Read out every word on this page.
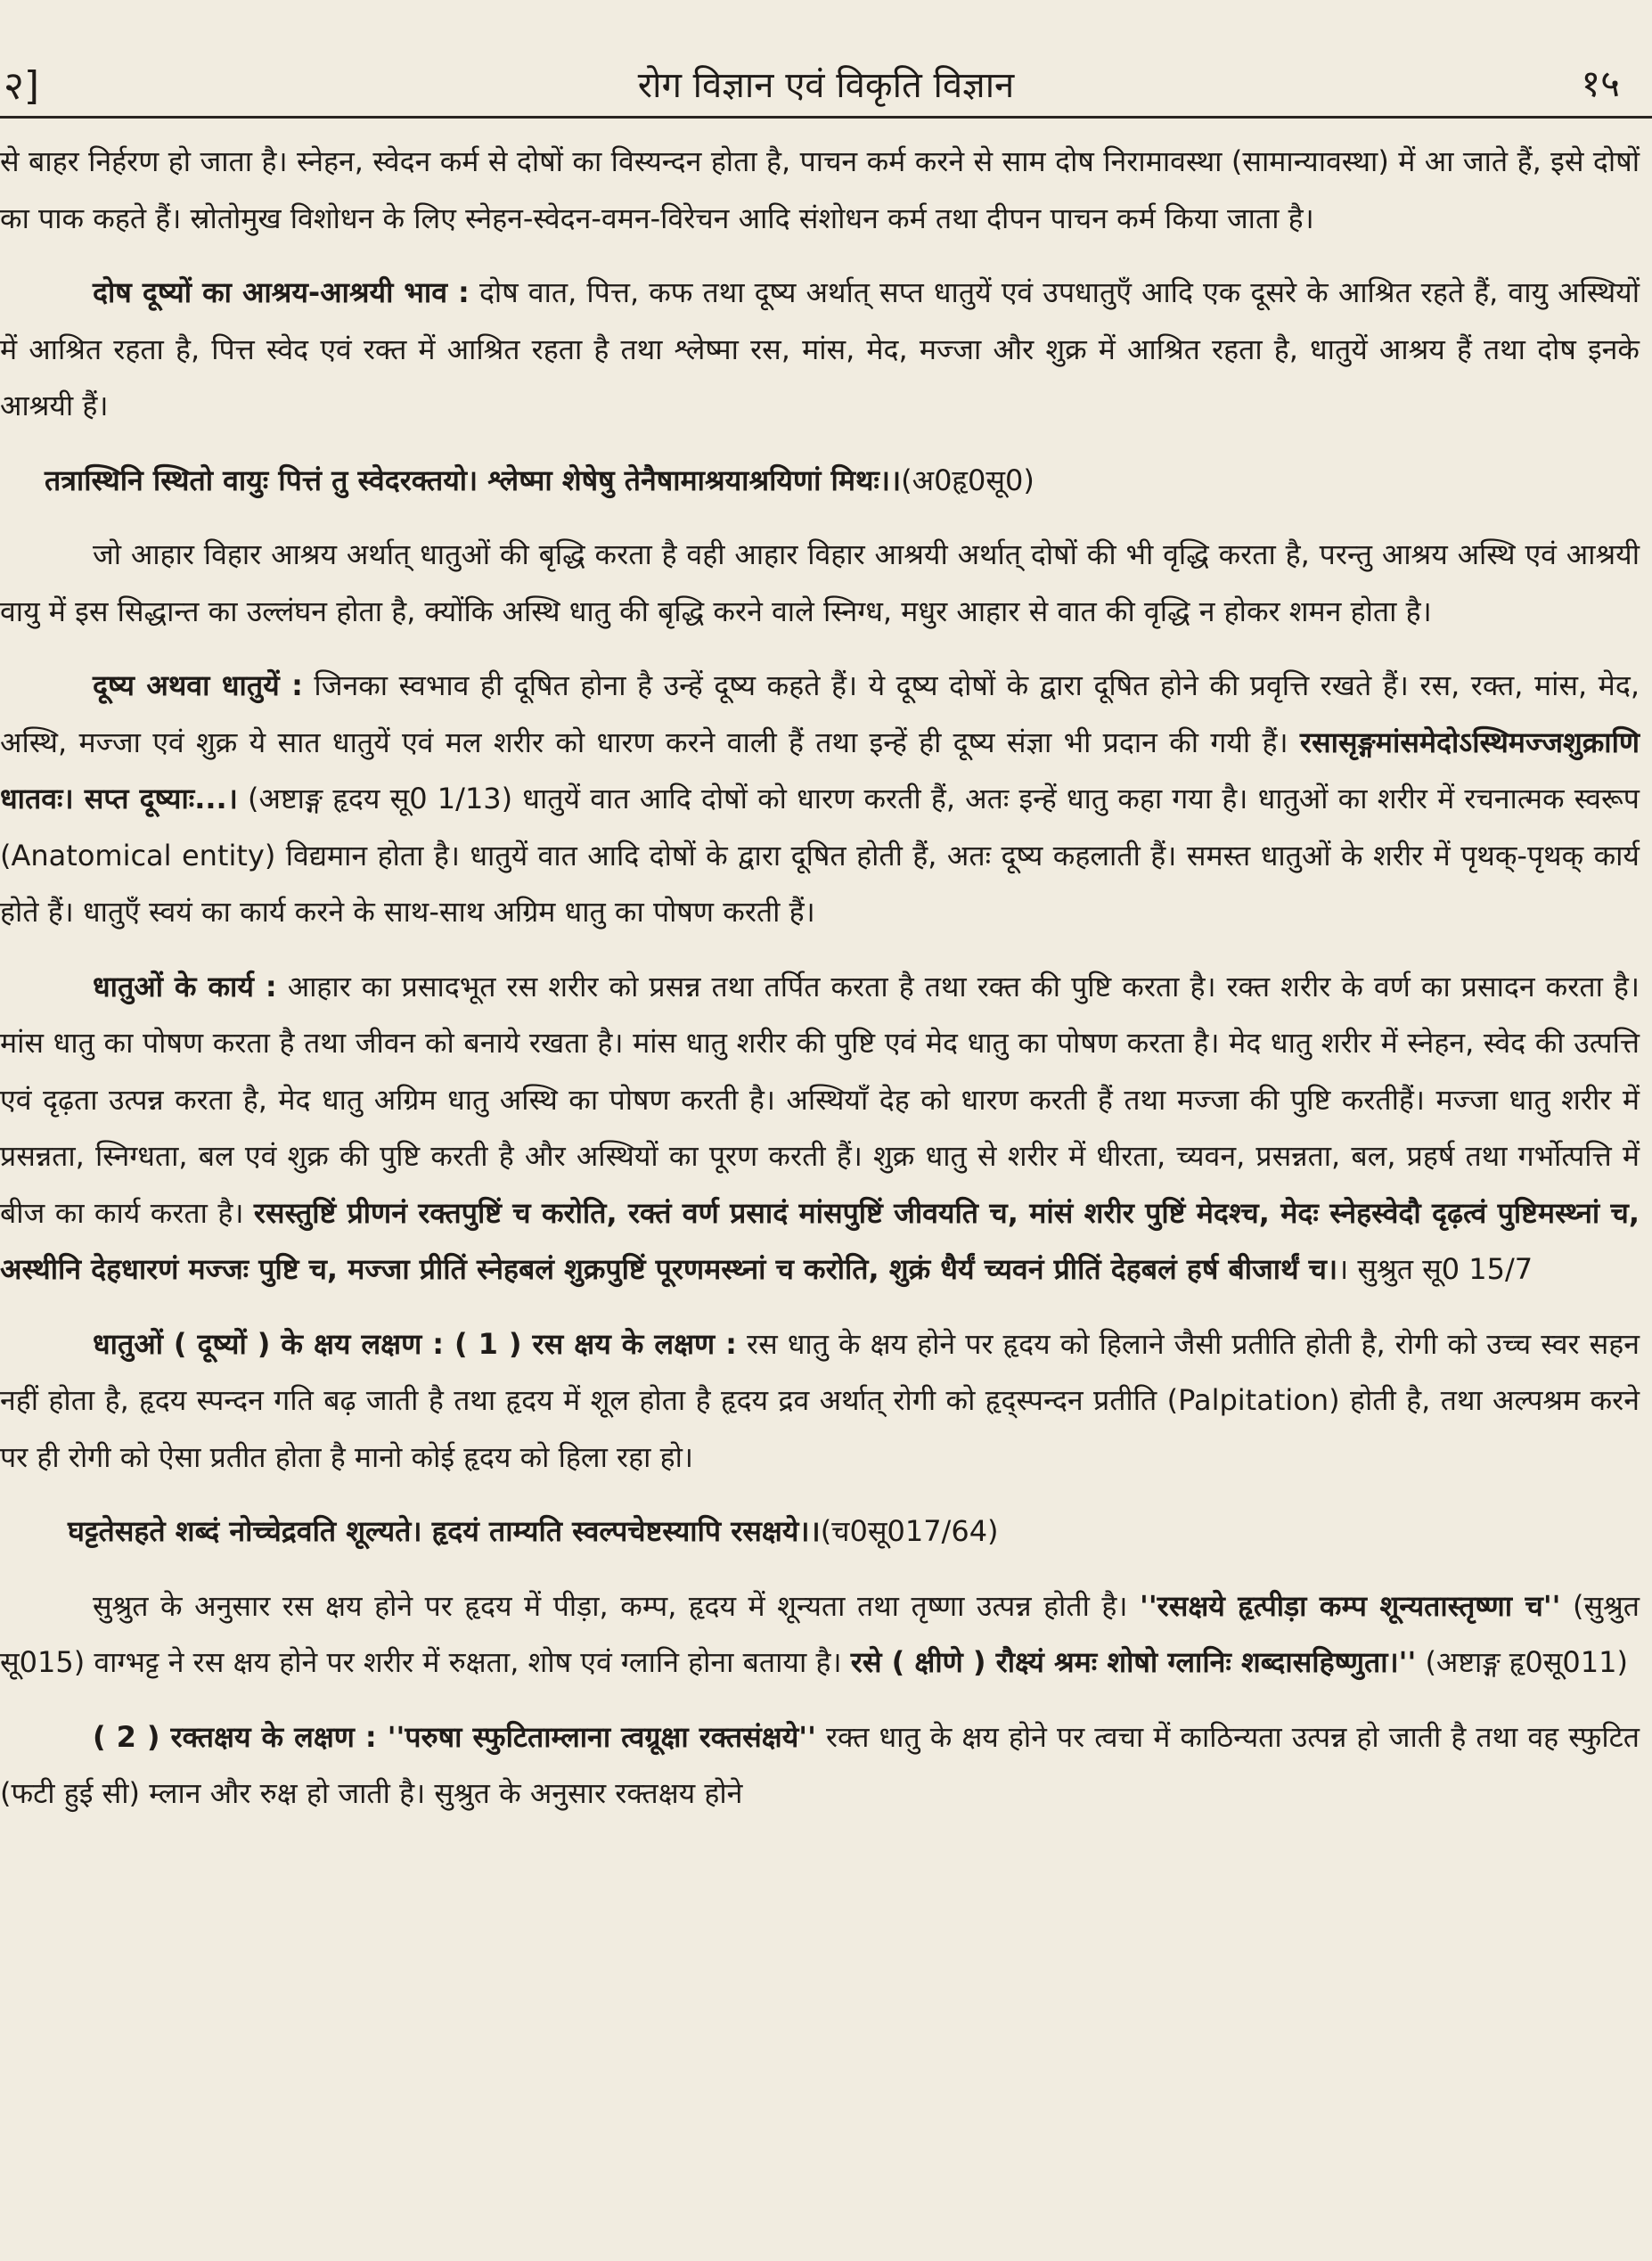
२]	रोग विज्ञान एवं विकृति विज्ञान	१५

से बाहर निर्हरण हो जाता है। स्नेहन, स्वेदन कर्म से दोषों का विस्यन्दन होता है, पाचन कर्म करने से साम दोष निरामावस्था (सामान्यावस्था) में आ जाते हैं, इसे दोषों का पाक कहते हैं। स्रोतोमुख विशोधन के लिए स्नेहन-स्वेदन-वमन-विरेचन आदि संशोधन कर्म तथा दीपन पाचन कर्म किया जाता है।

दोष दूष्यों का आश्रय-आश्रयी भाव : दोष वात, पित्त, कफ तथा दूष्य अर्थात् सप्त धातुयें एवं उपधातुएँ आदि एक दूसरे के आश्रित रहते हैं, वायु अस्थियों में आश्रित रहता है, पित्त स्वेद एवं रक्त में आश्रित रहता है तथा श्लेष्मा रस, मांस, मेद, मज्जा और शुक्र में आश्रित रहता है, धातुयें आश्रय हैं तथा दोष इनके आश्रयी हैं।

तत्रास्थिनि स्थितो वायुः पित्तं तु स्वेदरक्तयो। श्लेष्मा शेषेषु तेनैषामाश्रयाश्रयिणां मिथः।।(अ0हृ0सू0)

जो आहार विहार आश्रय अर्थात् धातुओं की बृद्धि करता है वही आहार विहार आश्रयी अर्थात् दोषों की भी वृद्धि करता है, परन्तु आश्रय अस्थि एवं आश्रयी वायु में इस सिद्धान्त का उल्लंघन होता है, क्योंकि अस्थि धातु की बृद्धि करने वाले स्निग्ध, मधुर आहार से वात की वृद्धि न होकर शमन होता है।

दूष्य अथवा धातुयें : जिनका स्वभाव ही दूषित होना है उन्हें दूष्य कहते हैं। ये दूष्य दोषों के द्वारा दूषित होने की प्रवृत्ति रखते हैं। रस, रक्त, मांस, मेद, अस्थि, मज्जा एवं शुक्र ये सात धातुयें एवं मल शरीर को धारण करने वाली हैं तथा इन्हें ही दूष्य संज्ञा भी प्रदान की गयी हैं। रसासृङ्गमांसमेदोऽस्थिमज्जशुक्राणि धातवः। सप्त दूष्याः...। (अष्टाङ्ग हृदय सू0 1/13) धातुयें वात आदि दोषों को धारण करती हैं, अतः इन्हें धातु कहा गया है। धातुओं का शरीर में रचनात्मक स्वरूप (Anatomical entity) विद्यमान होता है। धातुयें वात आदि दोषों के द्वारा दूषित होती हैं, अतः दूष्य कहलाती हैं। समस्त धातुओं के शरीर में पृथक्-पृथक् कार्य होते हैं। धातुएँ स्वयं का कार्य करने के साथ-साथ अग्रिम धातु का पोषण करती हैं।

धातुओं के कार्य : आहार का प्रसादभूत रस शरीर को प्रसन्न तथा तर्पित करता है तथा रक्त की पुष्टि करता है। रक्त शरीर के वर्ण का प्रसादन करता है। मांस धातु का पोषण करता है तथा जीवन को बनाये रखता है। मांस धातु शरीर की पुष्टि एवं मेद धातु का पोषण करता है। मेद धातु शरीर में स्नेहन, स्वेद की उत्पत्ति एवं दृढ़ता उत्पन्न करता है, मेद धातु अग्रिम धातु अस्थि का पोषण करती है। अस्थियाँ देह को धारण करती हैं तथा मज्जा की पुष्टि करतीहैं। मज्जा धातु शरीर में प्रसन्नता, स्निग्धता, बल एवं शुक्र की पुष्टि करती है और अस्थियों का पूरण करती हैं। शुक्र धातु से शरीर में धीरता, च्यवन, प्रसन्नता, बल, प्रहर्ष तथा गर्भोत्पत्ति में बीज का कार्य करता है। रसस्तुष्टिं प्रीणनं रक्तपुष्टिं च करोति, रक्तं वर्ण प्रसादं मांसपुष्टिं जीवयति च, मांसं शरीर पुष्टिं मेदश्च, मेदः स्नेहस्वेदौ दृढ़त्वं पुष्टिमस्थ्नां च, अस्थीनि देहधारणं मज्जः पुष्टि च, मज्जा प्रीतिं स्नेहबलं शुक्रपुष्टिं पूरणमस्थ्नां च करोति, शुक्रं धैर्यं च्यवनं प्रीतिं देहबलं हर्ष बीजार्थं च।। सुश्रुत सू0 15/7

धातुओं ( दूष्यों ) के क्षय लक्षण : ( 1 ) रस क्षय के लक्षण : रस धातु के क्षय होने पर हृदय को हिलाने जैसी प्रतीति होती है, रोगी को उच्च स्वर सहन नहीं होता है, हृदय स्पन्दन गति बढ़ जाती है तथा हृदय में शूल होता है हृदय द्रव अर्थात् रोगी को हृद्स्पन्दन प्रतीति (Palpitation) होती है, तथा अल्पश्रम करने पर ही रोगी को ऐसा प्रतीत होता है मानो कोई हृदय को हिला रहा हो।

घट्टतेसहते शब्दं नोच्चेद्रवति शूल्यते। हृदयं ताम्यति स्वल्पचेष्टस्यापि रसक्षये।।(च0सू017/64)

सुश्रुत के अनुसार रस क्षय होने पर हृदय में पीड़ा, कम्प, हृदय में शून्यता तथा तृष्णा उत्पन्न होती है। ''रसक्षये हृत्पीड़ा कम्प शून्यतास्तृष्णा च'' (सुश्रुत सू015) वाग्भट्ट ने रस क्षय होने पर शरीर में रुक्षता, शोष एवं ग्लानि होना बताया है। रसे ( क्षीणे ) रौक्ष्यं श्रमः शोषो ग्लानिः शब्दासहिष्णुता।'' (अष्टाङ्ग हृ0सू011)

( 2 ) रक्तक्षय के लक्षण : ''परुषा स्फुटिताम्लाना त्वग्रूक्षा रक्तसंक्षये'' रक्त धातु के क्षय होने पर त्वचा में काठिन्यता उत्पन्न हो जाती है तथा वह स्फुटित (फटी हुई सी) म्लान और रुक्ष हो जाती है। सुश्रुत के अनुसार रक्तक्षय होने
